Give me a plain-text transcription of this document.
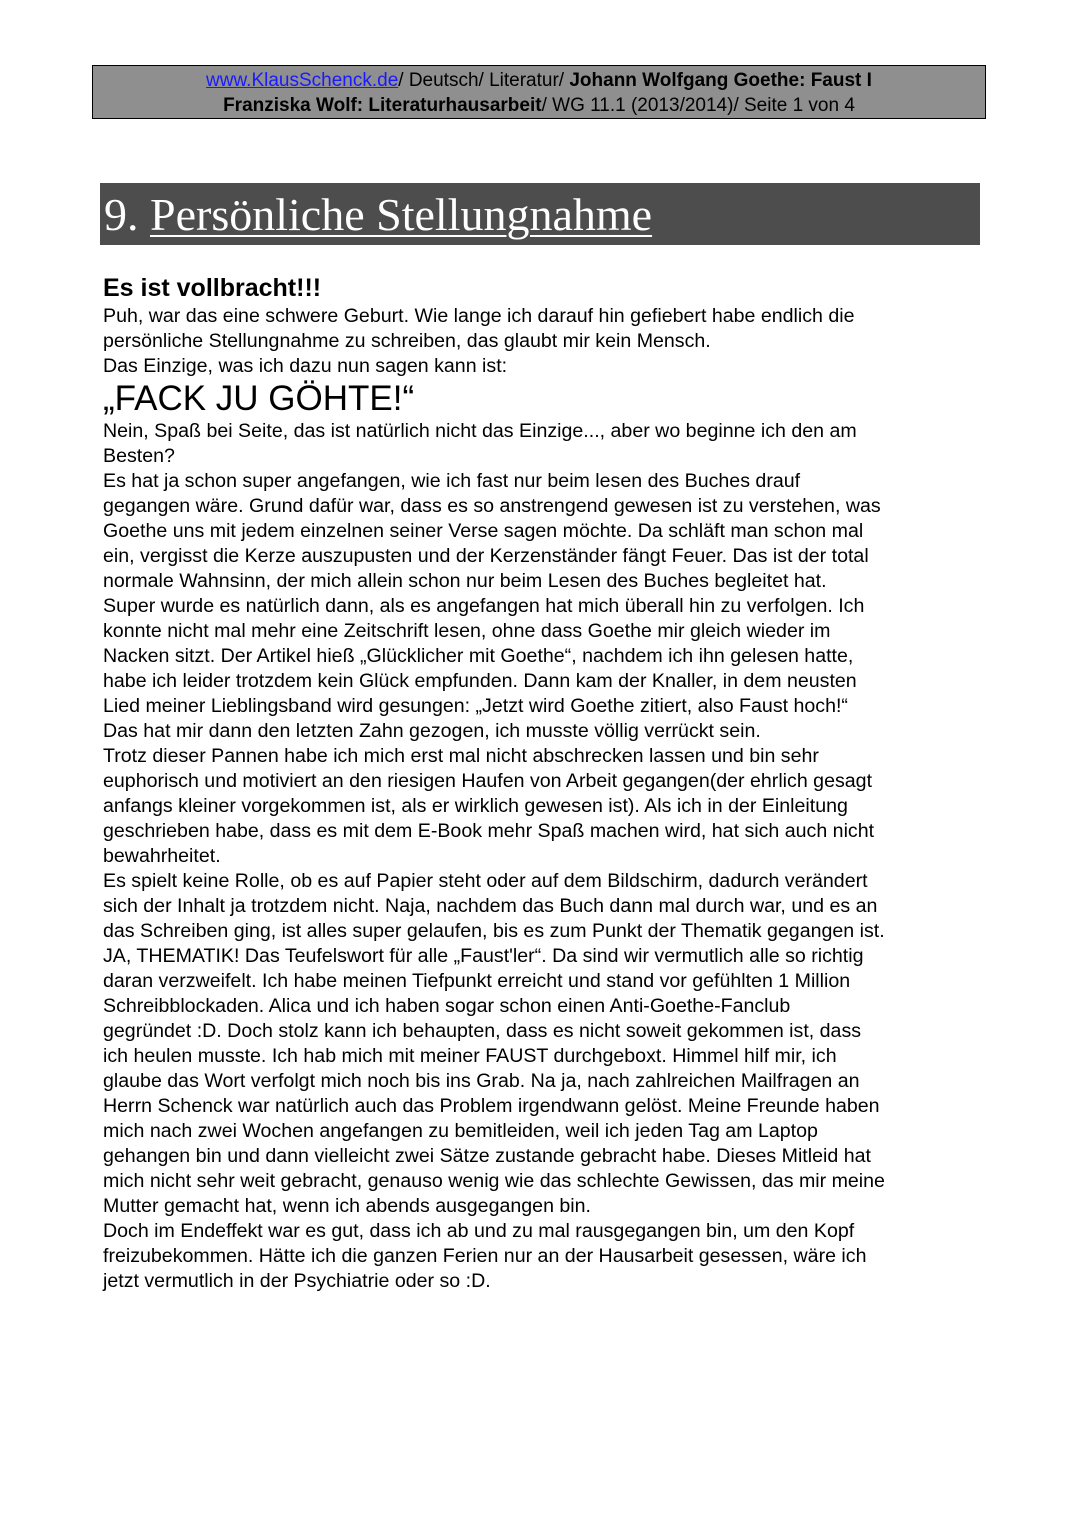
www.KlausSchenck.de/ Deutsch/ Literatur/ Johann Wolfgang Goethe: Faust I
Franziska Wolf: Literaturhausarbeit/ WG 11.1 (2013/2014)/ Seite 1 von 4
9. Persönliche Stellungnahme

Es ist vollbracht!!!

Puh, war das eine schwere Geburt. Wie lange ich darauf hin gefiebert habe endlich die
persönliche Stellungnahme zu schreiben, das glaubt mir kein Mensch.
Das Einzige, was ich dazu nun sagen kann ist:

„FACK JU GÖHTE!“

Nein, Spaß bei Seite, das ist natürlich nicht das Einzige..., aber wo beginne ich den am
Besten?
Es hat ja schon super angefangen, wie ich fast nur beim lesen des Buches drauf
gegangen wäre. Grund dafür war, dass es so anstrengend gewesen ist zu verstehen, was
Goethe uns mit jedem einzelnen seiner Verse sagen möchte. Da schläft man schon mal
ein, vergisst die Kerze auszupusten und der Kerzenständer fängt Feuer. Das ist der total
normale Wahnsinn, der mich allein schon nur beim Lesen des Buches begleitet hat.
Super wurde es natürlich dann, als es angefangen hat mich überall hin zu verfolgen. Ich
konnte nicht mal mehr eine Zeitschrift lesen, ohne dass Goethe mir gleich wieder im
Nacken sitzt. Der Artikel hieß „Glücklicher mit Goethe“, nachdem ich ihn gelesen hatte,
habe ich leider trotzdem kein Glück empfunden. Dann kam der Knaller, in dem neusten
Lied meiner Lieblingsband wird gesungen: „Jetzt wird Goethe zitiert, also Faust hoch!“
Das hat mir dann den letzten Zahn gezogen, ich musste völlig verrückt sein.
Trotz dieser Pannen habe ich mich erst mal nicht abschrecken lassen und bin sehr
euphorisch und motiviert an den riesigen Haufen von Arbeit gegangen(der ehrlich gesagt
anfangs kleiner vorgekommen ist, als er wirklich gewesen ist). Als ich in der Einleitung
geschrieben habe, dass es mit dem E-Book mehr Spaß machen wird, hat sich auch nicht
bewahrheitet.
Es spielt keine Rolle, ob es auf Papier steht oder auf dem Bildschirm, dadurch verändert
sich der Inhalt ja trotzdem nicht. Naja, nachdem das Buch dann mal durch war, und es an
das Schreiben ging, ist alles super gelaufen, bis es zum Punkt der Thematik gegangen ist.
JA, THEMATIK! Das Teufelswort für alle „Faust'ler“. Da sind wir vermutlich alle so richtig
daran verzweifelt. Ich habe meinen Tiefpunkt erreicht und stand vor gefühlten 1 Million
Schreibblockaden. Alica und ich haben sogar schon einen Anti-Goethe-Fanclub
gegründet :D. Doch stolz kann ich behaupten, dass es nicht soweit gekommen ist, dass
ich heulen musste. Ich hab mich mit meiner FAUST durchgeboxt. Himmel hilf mir, ich
glaube das Wort verfolgt mich noch bis ins Grab. Na ja, nach zahlreichen Mailfragen an
Herrn Schenck war natürlich auch das Problem irgendwann gelöst. Meine Freunde haben
mich nach zwei Wochen angefangen zu bemitleiden, weil ich jeden Tag am Laptop
gehangen bin und dann vielleicht zwei Sätze zustande gebracht habe. Dieses Mitleid hat
mich nicht sehr weit gebracht, genauso wenig wie das schlechte Gewissen, das mir meine
Mutter gemacht hat, wenn ich abends ausgegangen bin.
Doch im Endeffekt war es gut, dass ich ab und zu mal rausgegangen bin, um den Kopf
freizubekommen. Hätte ich die ganzen Ferien nur an der Hausarbeit gesessen, wäre ich
jetzt vermutlich in der Psychiatrie oder so :D.
